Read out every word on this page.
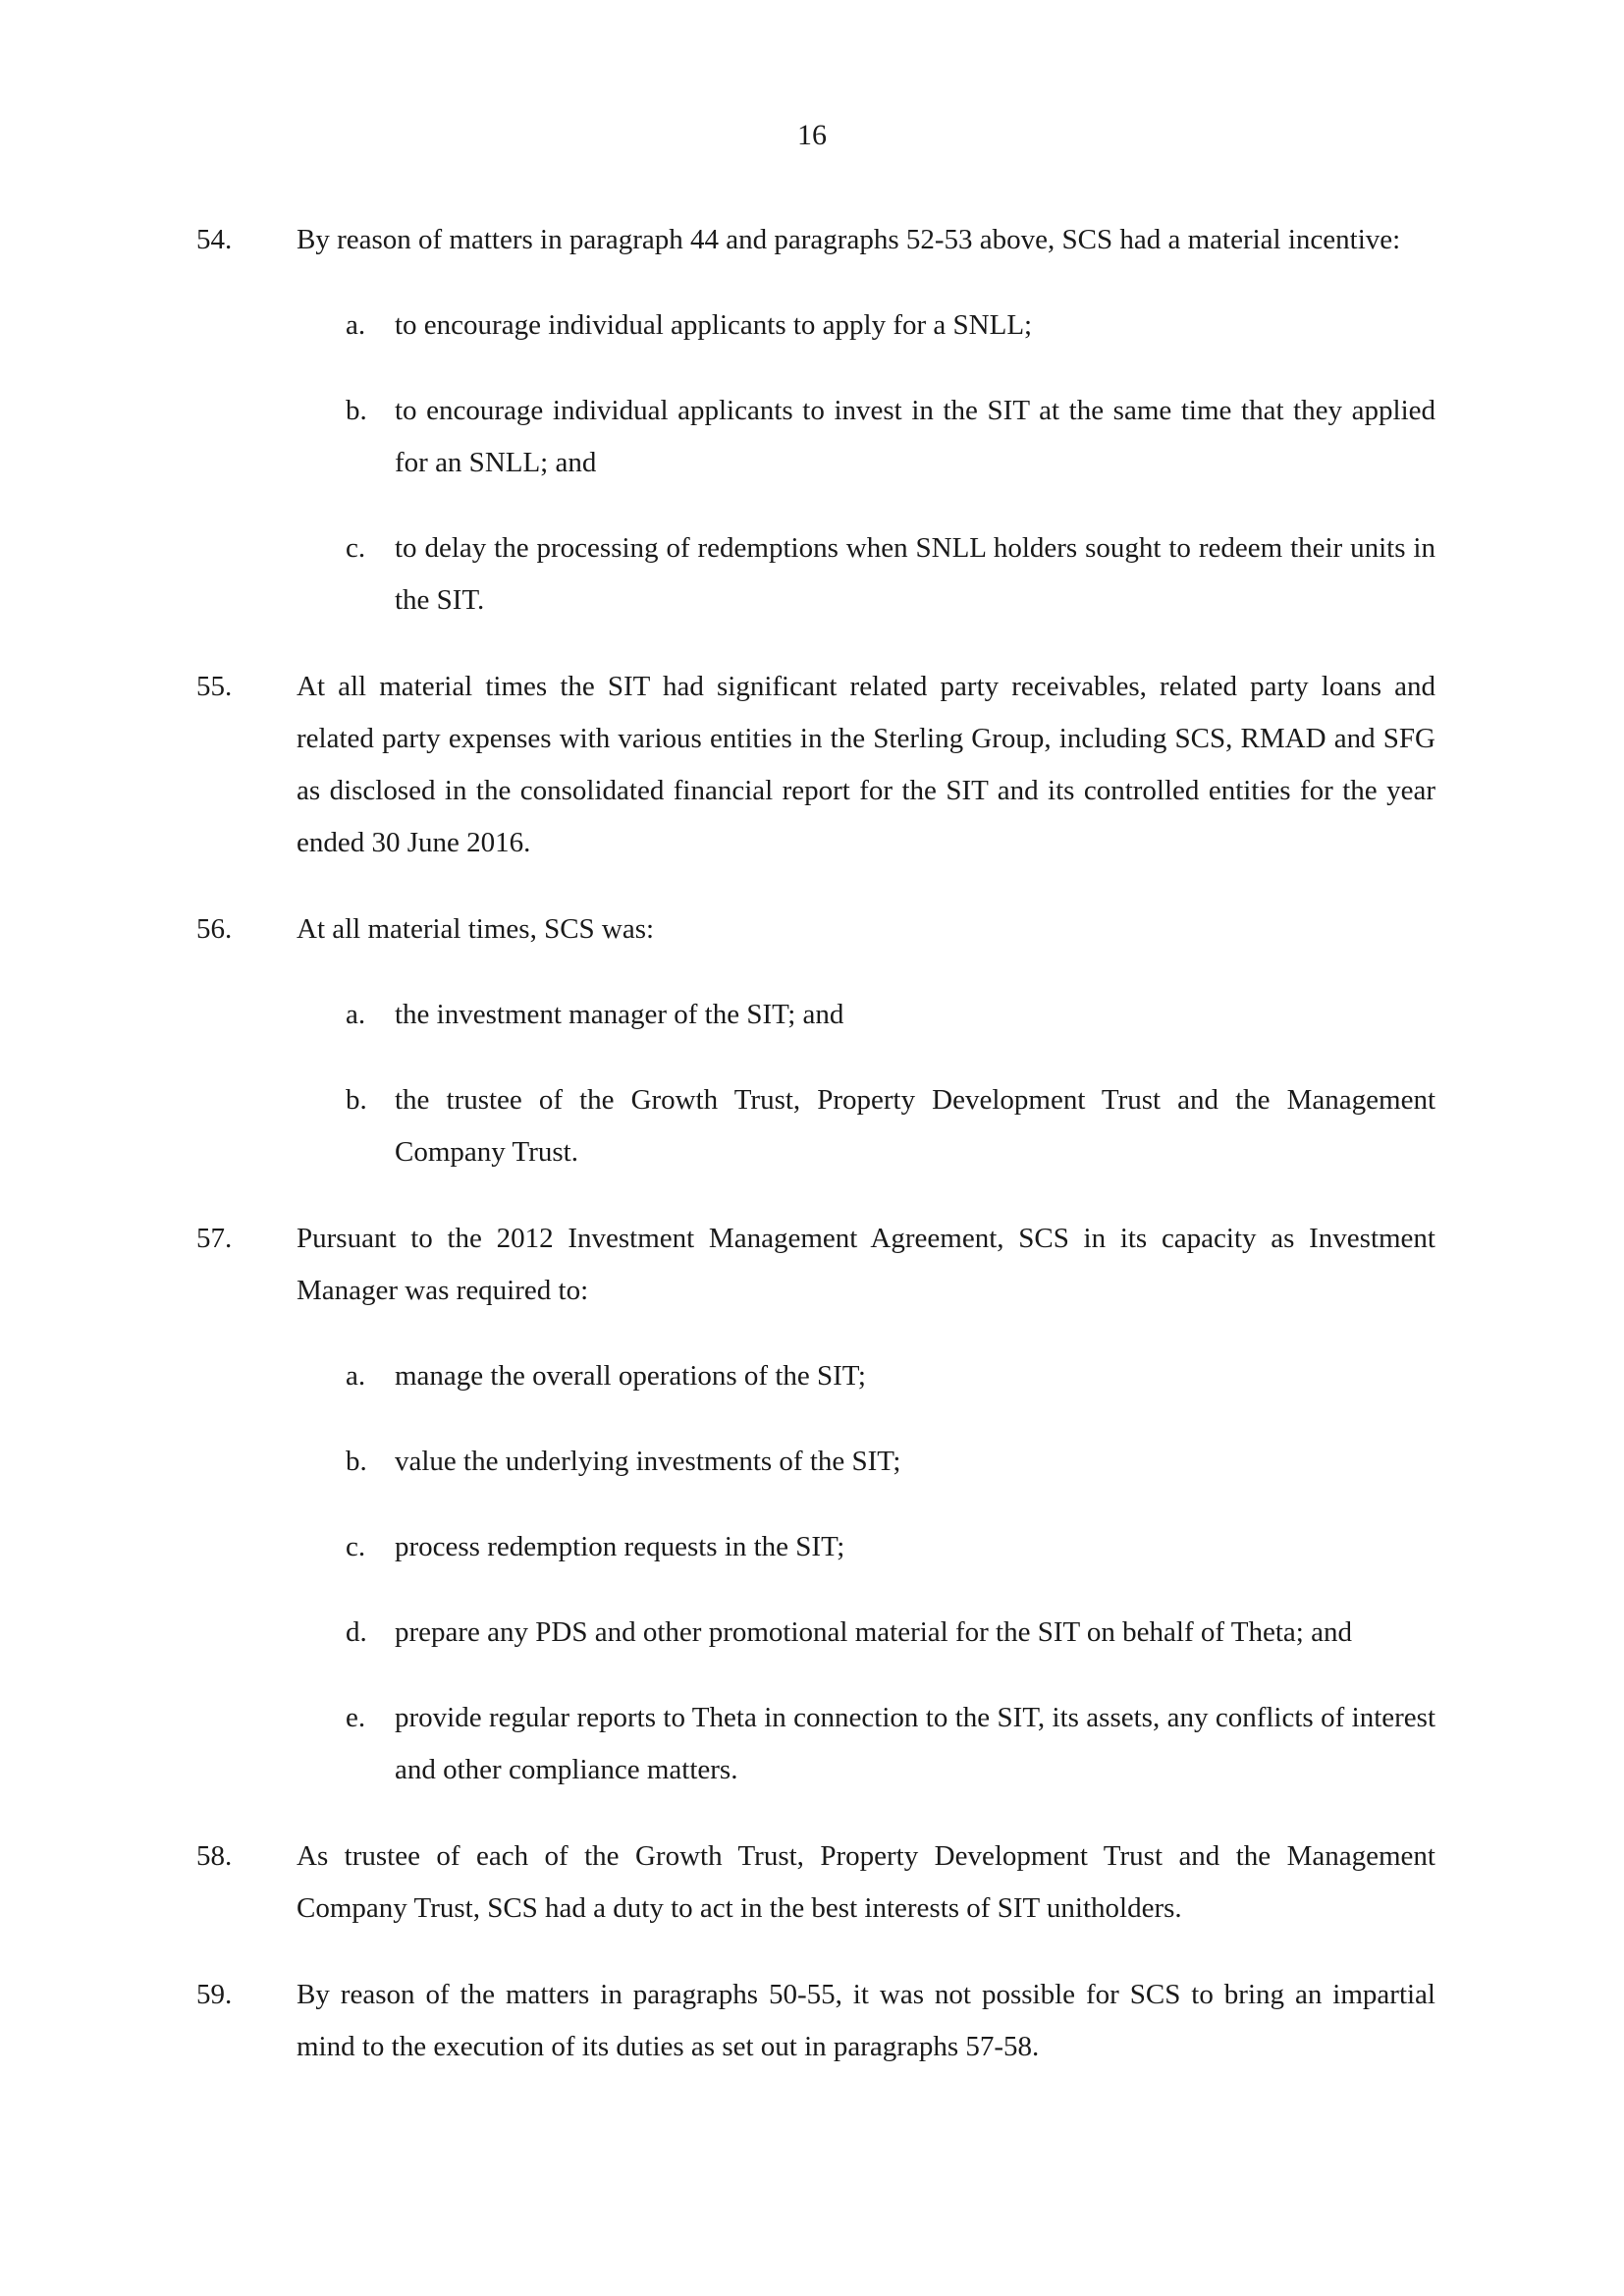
16
54. By reason of matters in paragraph 44 and paragraphs 52-53 above, SCS had a material incentive:
a. to encourage individual applicants to apply for a SNLL;
b. to encourage individual applicants to invest in the SIT at the same time that they applied for an SNLL; and
c. to delay the processing of redemptions when SNLL holders sought to redeem their units in the SIT.
55. At all material times the SIT had significant related party receivables, related party loans and related party expenses with various entities in the Sterling Group, including SCS, RMAD and SFG as disclosed in the consolidated financial report for the SIT and its controlled entities for the year ended 30 June 2016.
56. At all material times, SCS was:
a. the investment manager of the SIT; and
b. the trustee of the Growth Trust, Property Development Trust and the Management Company Trust.
57. Pursuant to the 2012 Investment Management Agreement, SCS in its capacity as Investment Manager was required to:
a. manage the overall operations of the SIT;
b. value the underlying investments of the SIT;
c. process redemption requests in the SIT;
d. prepare any PDS and other promotional material for the SIT on behalf of Theta; and
e. provide regular reports to Theta in connection to the SIT, its assets, any conflicts of interest and other compliance matters.
58. As trustee of each of the Growth Trust, Property Development Trust and the Management Company Trust, SCS had a duty to act in the best interests of SIT unitholders.
59. By reason of the matters in paragraphs 50-55, it was not possible for SCS to bring an impartial mind to the execution of its duties as set out in paragraphs 57-58.
